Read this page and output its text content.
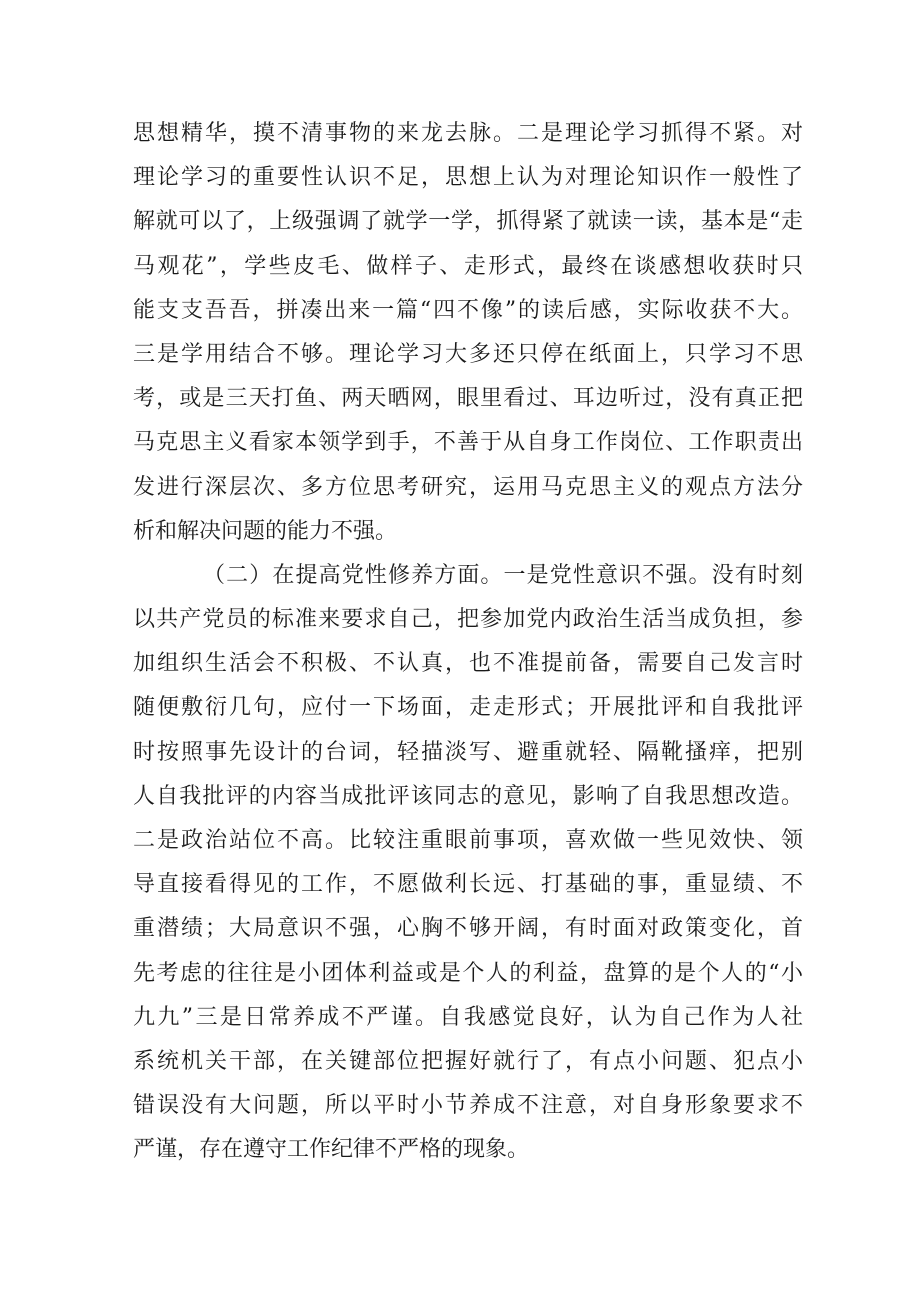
思想精华，摸不清事物的来龙去脉。二是理论学习抓得不紧。对
理论学习的重要性认识不足，思想上认为对理论知识作一般性了
解就可以了，上级强调了就学一学，抓得紧了就读一读，基本是“走
马观花”，学些皮毛、做样子、走形式，最终在谈感想收获时只
能支支吾吾，拼凑出来一篇“四不像”的读后感，实际收获不大。
三是学用结合不够。理论学习大多还只停在纸面上，只学习不思
考，或是三天打鱼、两天晒网，眼里看过、耳边听过，没有真正把
马克思主义看家本领学到手，不善于从自身工作岗位、工作职责出
发进行深层次、多方位思考研究，运用马克思主义的观点方法分
析和解决问题的能力不强。
（二）在提高党性修养方面。一是党性意识不强。没有时刻
以共产党员的标准来要求自己，把参加党内政治生活当成负担，参
加组织生活会不积极、不认真，也不准提前备，需要自己发言时
随便敷衍几句，应付一下场面，走走形式；开展批评和自我批评
时按照事先设计的台词，轻描淡写、避重就轻、隔靴搔痒，把别
人自我批评的内容当成批评该同志的意见，影响了自我思想改造。
二是政治站位不高。比较注重眼前事项，喜欢做一些见效快、领
导直接看得见的工作，不愿做利长远、打基础的事，重显绩、不
重潜绩；大局意识不强，心胸不够开阔，有时面对政策变化，首
先考虑的往往是小团体利益或是个人的利益，盘算的是个人的“小
九九”三是日常养成不严谨。自我感觉良好，认为自己作为人社
系统机关干部，在关键部位把握好就行了，有点小问题、犯点小
错误没有大问题，所以平时小节养成不注意，对自身形象要求不
严谨，存在遵守工作纪律不严格的现象。
